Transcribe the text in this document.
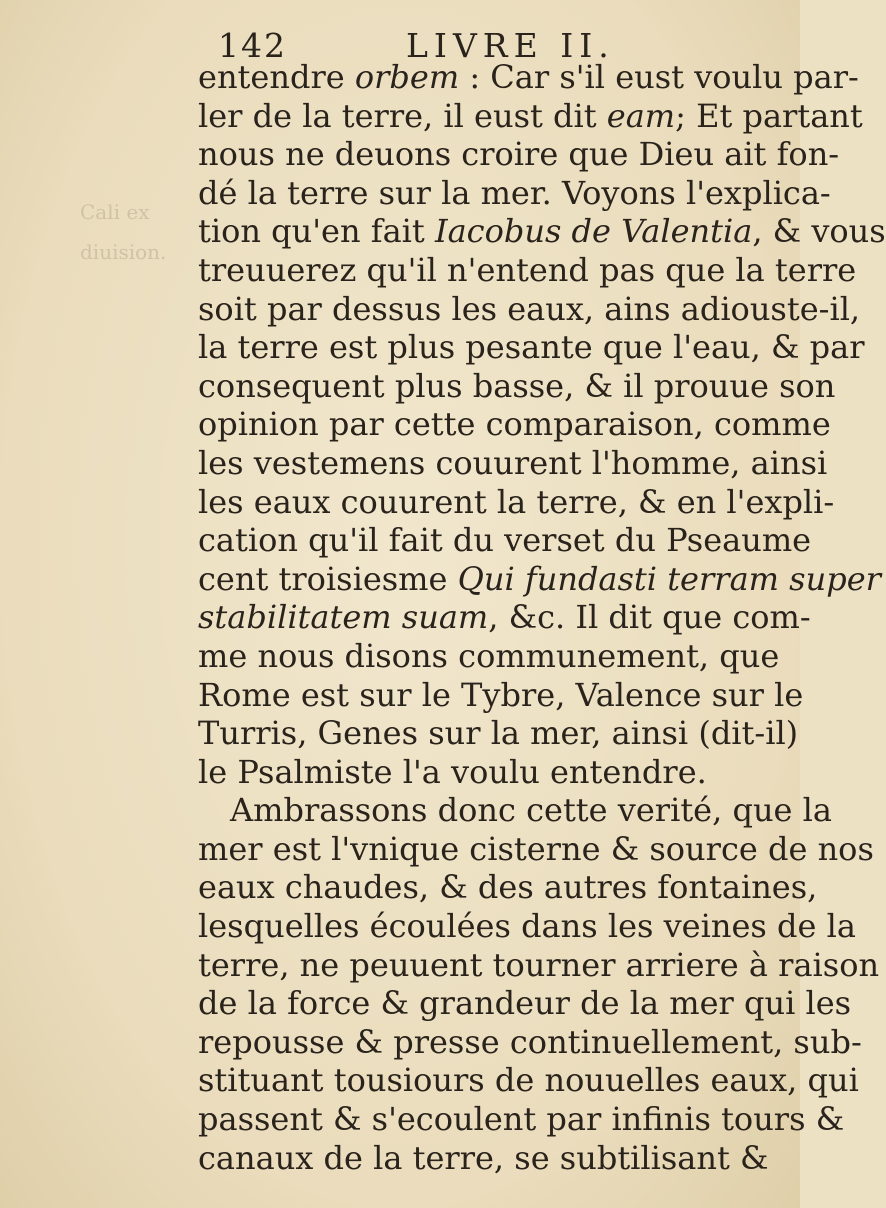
142	LIVRE II.
Cali ex
diuision.
entendre orbem : Car s'il eust voulu par-
ler de la terre, il eust dit eam; Et partant
nous ne deuons croire que Dieu ait fon-
dé la terre sur la mer. Voyons l'explica-
tion qu'en fait Iacobus de Valentia, & vous
treuuerez qu'il n'entend pas que la terre
soit par dessus les eaux, ains adiouste-il,
la terre est plus pesante que l'eau, & par
consequent plus basse, & il prouue son
opinion par cette comparaison, comme
les vestemens couurent l'homme, ainsi
les eaux couurent la terre, & en l'expli-
cation qu'il fait du verset du Pseaume
cent troisiesme Qui fundasti terram super
stabilitatem suam, &c. Il dit que com-
me nous disons communement, que
Rome est sur le Tybre, Valence sur le
Turris, Genes sur la mer, ainsi (dit-il)
le Psalmiste l'a voulu entendre.
Ambrassons donc cette verité, que la
mer est l'vnique cisterne & source de nos
eaux chaudes, & des autres fontaines,
lesquelles écoulées dans les veines de la
terre, ne peuuent tourner arriere à raison
de la force & grandeur de la mer qui les
repousse & presse continuellement, sub-
stituant tousiours de nouuelles eaux, qui
passent & s'ecoulent par infinis tours &
canaux de la terre, se subtilisant &
